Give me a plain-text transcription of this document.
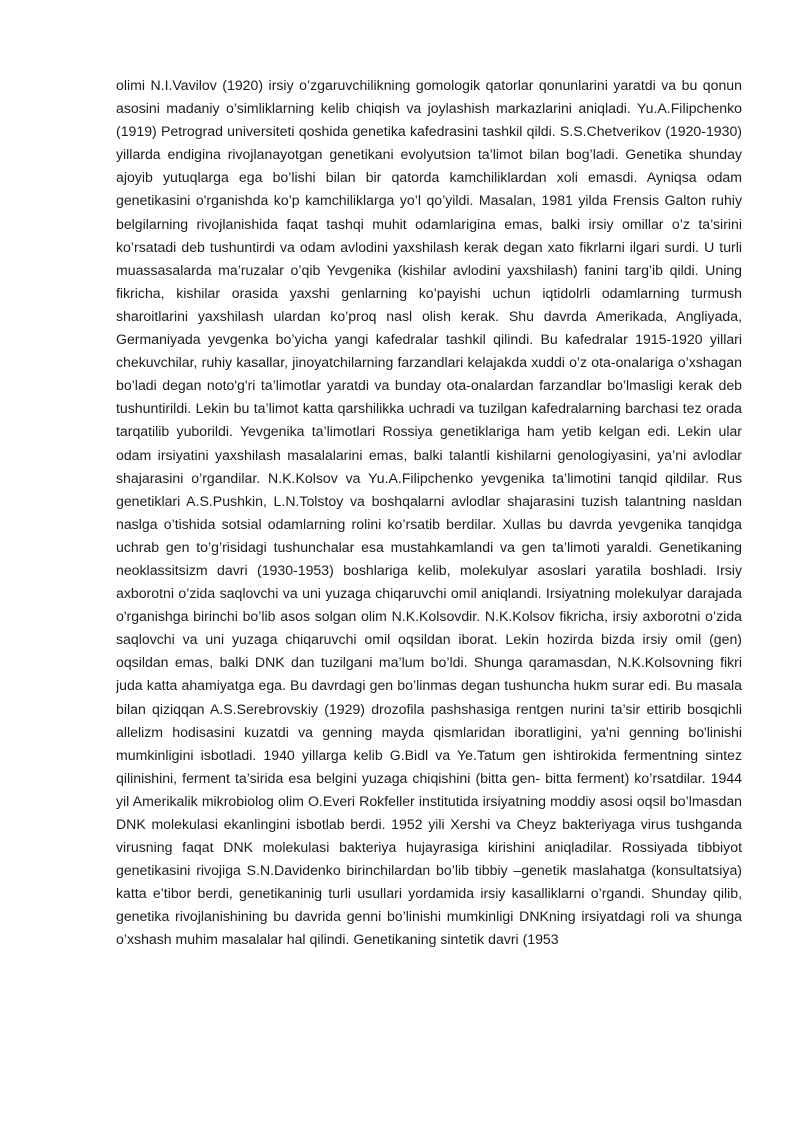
olimi N.I.Vavilov (1920) irsiy o’zgaruvchilikning gomologik qatorlar qonunlarini yaratdi va bu qonun asosini madaniy o’simliklarning kelib chiqish va joylashish markazlarini aniqladi. Yu.A.Filipchenko (1919) Petrograd universiteti qoshida genetika kafedrasini tashkil qildi. S.S.Chetverikov (1920-1930) yillarda endigina rivojlanayotgan genetikani evolyutsion ta’limot bilan bog’ladi. Genetika shunday ajoyib yutuqlarga ega bo’lishi bilan bir qatorda kamchiliklardan xoli emasdi. Ayniqsa odam genetikasini o'rganishda ko’p kamchiliklarga yo’l qo’yildi. Masalan, 1981 yilda Frensis Galton ruhiy belgilarning rivojlanishida faqat tashqi muhit odamlarigina emas, balki irsiy omillar o’z ta’sirini ko’rsatadi deb tushuntirdi va odam avlodini yaxshilash kerak degan xato fikrlarni ilgari surdi. U turli muassasalarda ma’ruzalar o’qib Yevgenika (kishilar avlodini yaxshilash) fanini targ’ib qildi. Uning fikricha, kishilar orasida yaxshi genlarning ko’payishi uchun iqtidolrli odamlarning turmush sharoitlarini yaxshilash ulardan ko’proq nasl olish kerak. Shu davrda Amerikada, Angliyada, Germaniyada yevgenka bo’yicha yangi kafedralar tashkil qilindi. Bu kafedralar 1915-1920 yillari chekuvchilar, ruhiy kasallar, jinoyatchilarning farzandlari kelajakda xuddi o’z ota-onalariga o’xshagan bo’ladi degan noto'g'ri ta’limotlar yaratdi va bunday ota-onalardan farzandlar bo’lmasligi kerak deb tushuntirildi. Lekin bu ta’limot katta qarshilikka uchradi va tuzilgan kafedralarning barchasi tez orada tarqatilib yuborildi. Yevgenika ta’limotlari Rossiya genetiklariga ham yetib kelgan edi. Lekin ular odam irsiyatini yaxshilash masalalarini emas, balki talantli kishilarni genologiyasini, ya’ni avlodlar shajarasini o’rgandilar. N.K.Kolsov va Yu.A.Filipchenko yevgenika ta’limotini tanqid qildilar. Rus genetiklari A.S.Pushkin, L.N.Tolstoy va boshqalarni avlodlar shajarasini tuzish talantning nasldan naslga o’tishida sotsial odamlarning rolini ko’rsatib berdilar. Xullas bu davrda yevgenika tanqidga uchrab gen to’g’risidagi tushunchalar esa mustahkamlandi va gen ta’limoti yaraldi. Genetikaning neoklassitsizm davri (1930-1953) boshlariga kelib, molekulyar asoslari yaratila boshladi. Irsiy axborotni o’zida saqlovchi va uni yuzaga chiqaruvchi omil aniqlandi. Irsiyatning molekulyar darajada o'rganishga birinchi bo’lib asos solgan olim N.K.Kolsovdir. N.K.Kolsov fikricha, irsiy axborotni o’zida saqlovchi va uni yuzaga chiqaruvchi omil oqsildan iborat. Lekin hozirda bizda irsiy omil (gen) oqsildan emas, balki DNK dan tuzilgani ma’lum bo’ldi. Shunga qaramasdan, N.K.Kolsovning fikri juda katta ahamiyatga ega. Bu davrdagi gen bo’linmas degan tushuncha hukm surar edi. Bu masala bilan qiziqqan A.S.Serebrovskiy (1929) drozofila pashshasiga rentgen nurini ta’sir ettirib bosqichli allelizm hodisasini kuzatdi va genning mayda qismlaridan iboratligini, ya'ni genning bo'linishi mumkinligini isbotladi. 1940 yillarga kelib G.Bidl va Ye.Tatum gen ishtirokida fermentning sintez qilinishini, ferment ta’sirida esa belgini yuzaga chiqishini (bitta gen- bitta ferment) ko’rsatdilar. 1944 yil Amerikalik mikrobiolog olim O.Everi Rokfeller institutida irsiyatning moddiy asosi oqsil bo’lmasdan DNK molekulasi ekanlingini isbotlab berdi. 1952 yili Xershi va Cheyz bakteriyaga virus tushganda virusning faqat DNK molekulasi bakteriya hujayrasiga kirishini aniqladilar. Rossiyada tibbiyot genetikasini rivojiga S.N.Davidenko birinchilardan bo’lib tibbiy –genetik maslahatga (konsultatsiya) katta e’tibor berdi, genetikaninig turli usullari yordamida irsiy kasalliklarni o’rgandi. Shunday qilib, genetika rivojlanishining bu davrida genni bo’linishi mumkinligi DNKning irsiyatdagi roli va shunga o’xshash muhim masalalar hal qilindi. Genetikaning sintetik davri (1953
